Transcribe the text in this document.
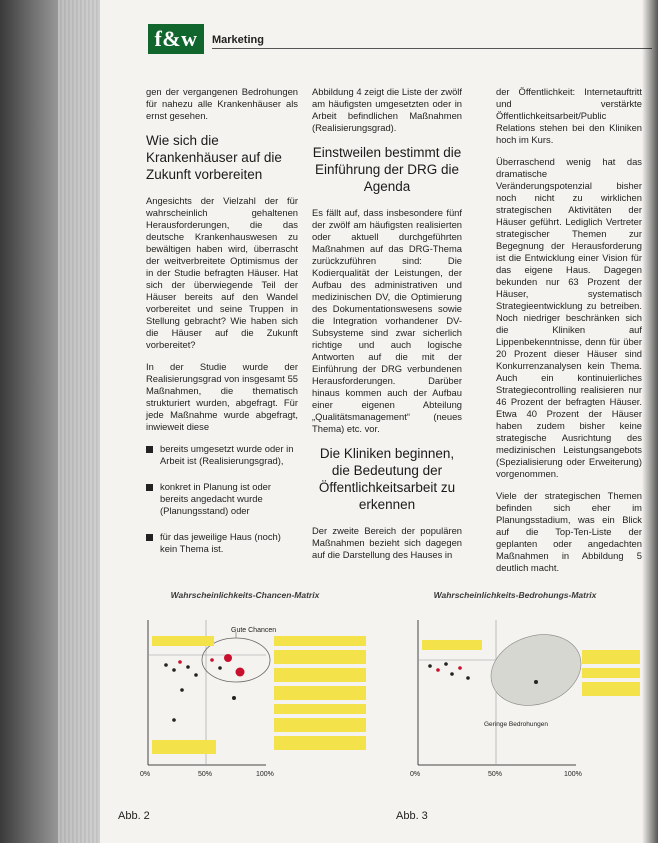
f&w	Marketing

gen der vergangenen Bedrohungen für nahezu alle Krankenhäuser als ernst gesehen.

Wie sich die Krankenhäuser auf die Zukunft vorbereiten

Angesichts der Vielzahl der für wahrscheinlich gehaltenen Herausforderungen, die das deutsche Krankenhauswesen zu bewältigen haben wird, überrascht der weitverbreitete Optimismus der in der Studie befragten Häuser. Hat sich der überwiegende Teil der Häuser bereits auf den Wandel vorbereitet und seine Truppen in Stellung gebracht? Wie haben sich die Häuser auf die Zukunft vorbereitet?

In der Studie wurde der Realisierungsgrad von insgesamt 55 Maßnahmen, die thematisch strukturiert wurden, abgefragt. Für jede Maßnahme wurde abgefragt, inwieweit diese

bereits umgesetzt wurde oder in Arbeit ist (Realisierungsgrad),
konkret in Planung ist oder bereits angedacht wurde (Planungsstand) oder
für das jeweilige Haus (noch) kein Thema ist.

Abbildung 4 zeigt die Liste der zwölf am häufigsten umgesetzten oder in Arbeit befindlichen Maßnahmen (Realisierungsgrad).

Einstweilen bestimmt die Einführung der DRG die Agenda

Es fällt auf, dass insbesondere fünf der zwölf am häufigsten realisierten oder aktuell durchgeführten Maßnahmen auf das DRG-Thema zurückzuführen sind: Die Kodierqualität der Leistungen, der Aufbau des administrativen und medizinischen DV, die Optimierung des Dokumentationswesens sowie die Integration vorhandener DV-Subsysteme sind zwar sicherlich richtige und auch logische Antworten auf die mit der Einführung der DRG verbundenen Herausforderungen. Darüber hinaus kommen auch der Aufbau einer eigenen Abteilung „Qualitätsmanagement“ (neues Thema) etc. vor.

Die Kliniken beginnen, die Bedeutung der Öffentlichkeitsarbeit zu erkennen

Der zweite Bereich der populären Maßnahmen bezieht sich dagegen auf die Darstellung des Hauses in

der Öffentlichkeit: Internetauftritt und verstärkte Öffentlichkeitsarbeit/Public Relations stehen bei den Kliniken hoch im Kurs.

Überraschend wenig hat das dramatische Veränderungspotenzial bisher noch nicht zu wirklichen strategischen Aktivitäten der Häuser geführt. Lediglich Vertreter strategischer Themen zur Begegnung der Herausforderung ist die Entwicklung einer Vision für das eigene Haus. Dagegen bekunden nur 63 Prozent der Häuser, systematisch Strategieentwicklung zu betreiben. Noch niedriger beschränken sich die Kliniken auf Lippenbekenntnisse, denn für über 20 Prozent dieser Häuser sind Konkurrenzanalysen kein Thema. Auch ein kontinuierliches Strategiecontrolling realisieren nur 46 Prozent der befragten Häuser. Etwa 40 Prozent der Häuser haben zudem bisher keine strategische Ausrichtung des medizinischen Leistungsangebots (Spezialisierung oder Erweiterung) vorgenommen.

Viele der strategischen Themen befinden sich eher im Planungsstadium, was ein Blick auf die Top-Ten-Liste der geplanten oder angedachten Maßnahmen in Abbildung 5 deutlich macht.

Wahrscheinlichkeits-Chancen-Matrix
Gute Chancen
0%	50%	100%
Wahrscheinlichkeits-Bedrohungs-Matrix
Geringe Bedrohungen
0%	50%	100%
Abb. 2	Abb. 3
